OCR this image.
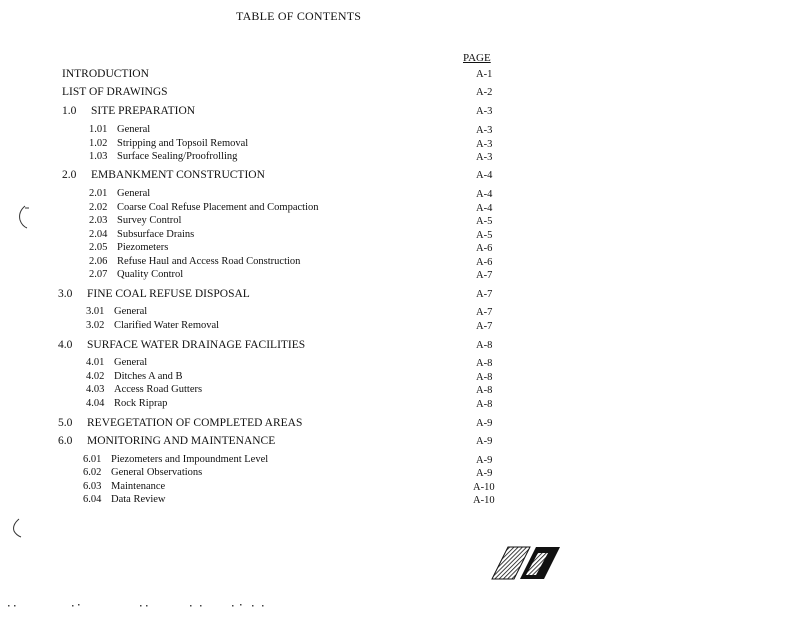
TABLE OF CONTENTS
PAGE
INTRODUCTION	A-1
LIST OF DRAWINGS	A-2
1.0 SITE PREPARATION	A-3
1.01 General	A-3
1.02 Stripping and Topsoil Removal	A-3
1.03 Surface Sealing/Proofrolling	A-3
2.0 EMBANKMENT CONSTRUCTION	A-4
2.01 General	A-4
2.02 Coarse Coal Refuse Placement and Compaction	A-4
2.03 Survey Control	A-5
2.04 Subsurface Drains	A-5
2.05 Piezometers	A-6
2.06 Refuse Haul and Access Road Construction	A-6
2.07 Quality Control	A-7
3.0 FINE COAL REFUSE DISPOSAL	A-7
3.01 General	A-7
3.02 Clarified Water Removal	A-7
4.0 SURFACE WATER DRAINAGE FACILITIES	A-8
4.01 General	A-8
4.02 Ditches A and B	A-8
4.03 Access Road Gutters	A-8
4.04 Rock Riprap	A-8
5.0 REVEGETATION OF COMPLETED AREAS	A-9
6.0 MONITORING AND MAINTENANCE	A-9
6.01 Piezometers and Impoundment Level	A-9
6.02 General Observations	A-9
6.03 Maintenance	A-10
6.04 Data Review	A-10
